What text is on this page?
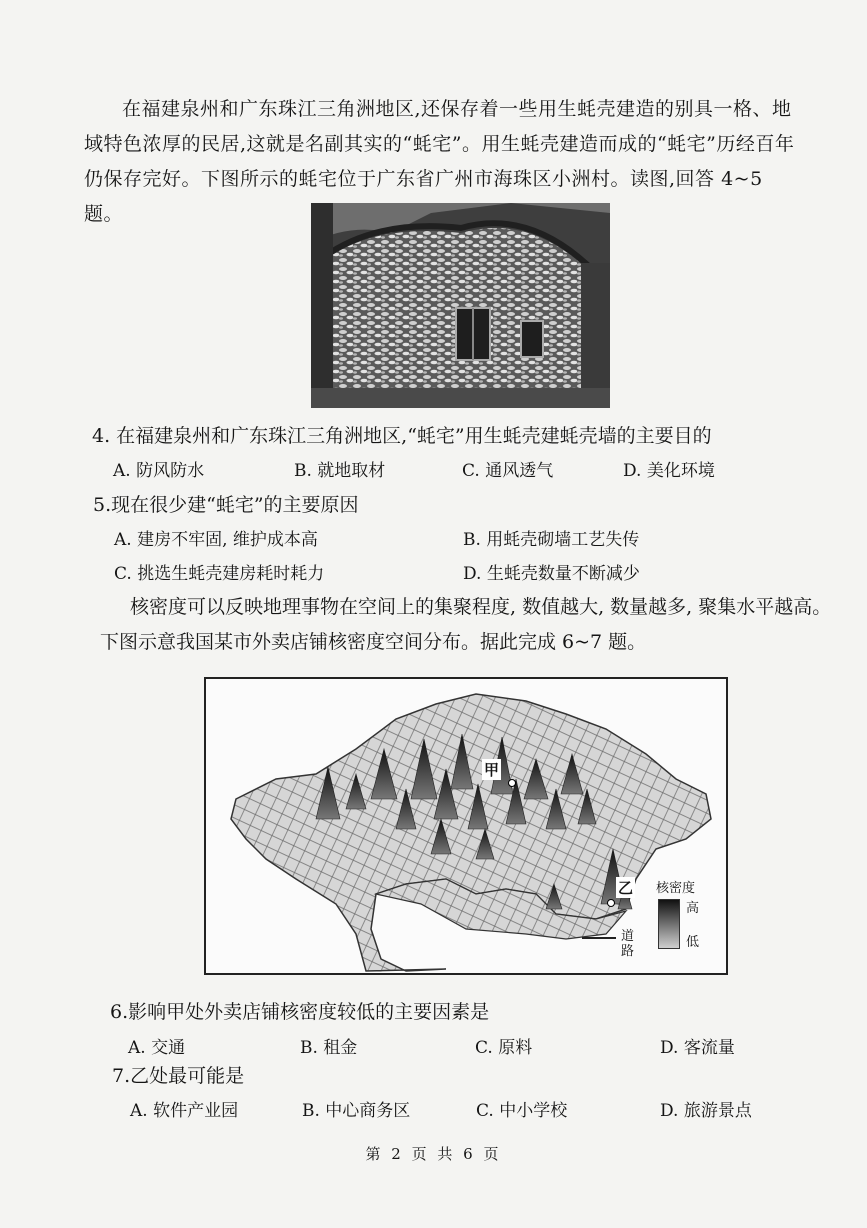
在福建泉州和广东珠江三角洲地区,还保存着一些用生蚝壳建造的别具一格、地域特色浓厚的民居,这就是名副其实的“蚝宅”。用生蚝壳建造而成的“蚝宅”历经百年仍保存完好。下图所示的蚝宅位于广东省广州市海珠区小洲村。读图,回答 4~5 题。
4. 在福建泉州和广东珠江三角洲地区,“蚝宅”用生蚝壳建蚝壳墙的主要目的
A. 防风防水	B. 就地取材	C. 通风透气	D. 美化环境
5.现在很少建“蚝宅”的主要原因
A. 建房不牢固, 维护成本高	B. 用蚝壳砌墙工艺失传
C. 挑选生蚝壳建房耗时耗力	D. 生蚝壳数量不断减少
核密度可以反映地理事物在空间上的集聚程度, 数值越大, 数量越多, 聚集水平越高。
下图示意我国某市外卖店铺核密度空间分布。据此完成 6~7 题。
甲
乙 核密度
高
低
道路
6.影响甲处外卖店铺核密度较低的主要因素是
A. 交通	B. 租金	C. 原料	D. 客流量
7.乙处最可能是
A. 软件产业园	B. 中心商务区	C. 中小学校	D. 旅游景点
第 2 页 共 6 页
